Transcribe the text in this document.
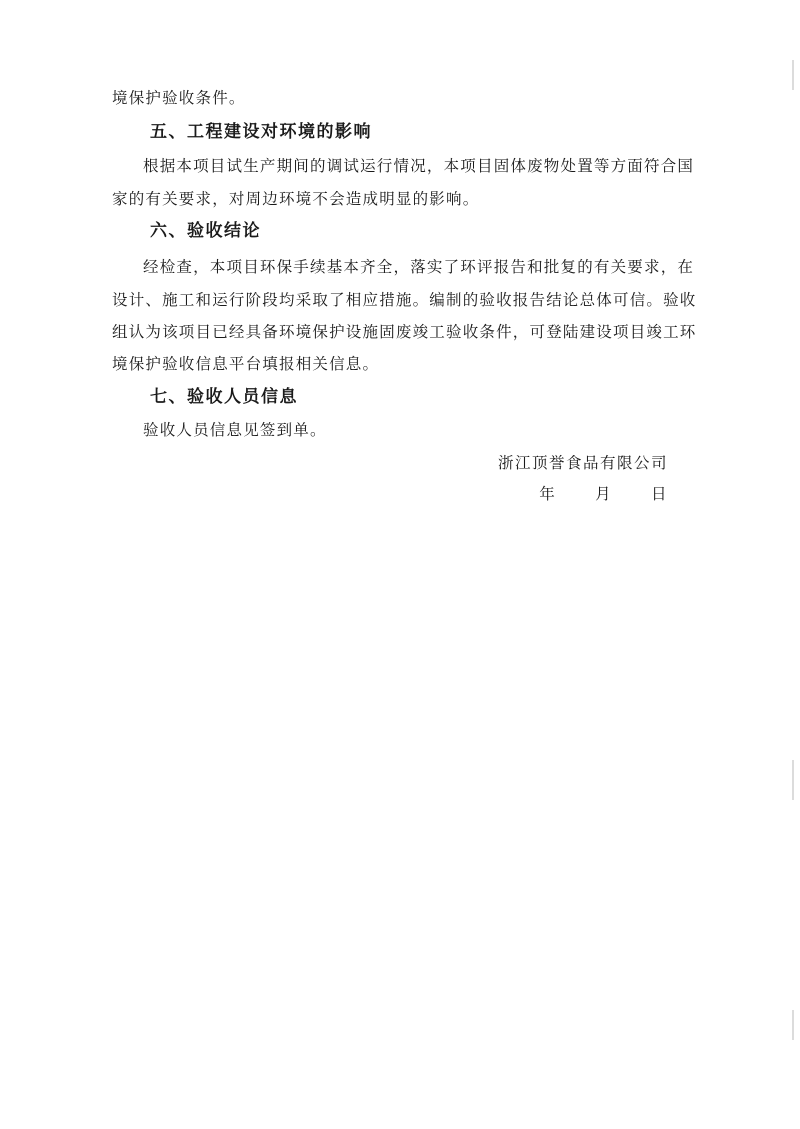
境保护验收条件。
五、工程建设对环境的影响
根据本项目试生产期间的调试运行情况，本项目固体废物处置等方面符合国
家的有关要求，对周边环境不会造成明显的影响。
六、验收结论
经检查，本项目环保手续基本齐全，落实了环评报告和批复的有关要求，在
设计、施工和运行阶段均采取了相应措施。编制的验收报告结论总体可信。验收
组认为该项目已经具备环境保护设施固废竣工验收条件，可登陆建设项目竣工环
境保护验收信息平台填报相关信息。
七、验收人员信息
验收人员信息见签到单。
浙江顶誉食品有限公司
年	月	日
